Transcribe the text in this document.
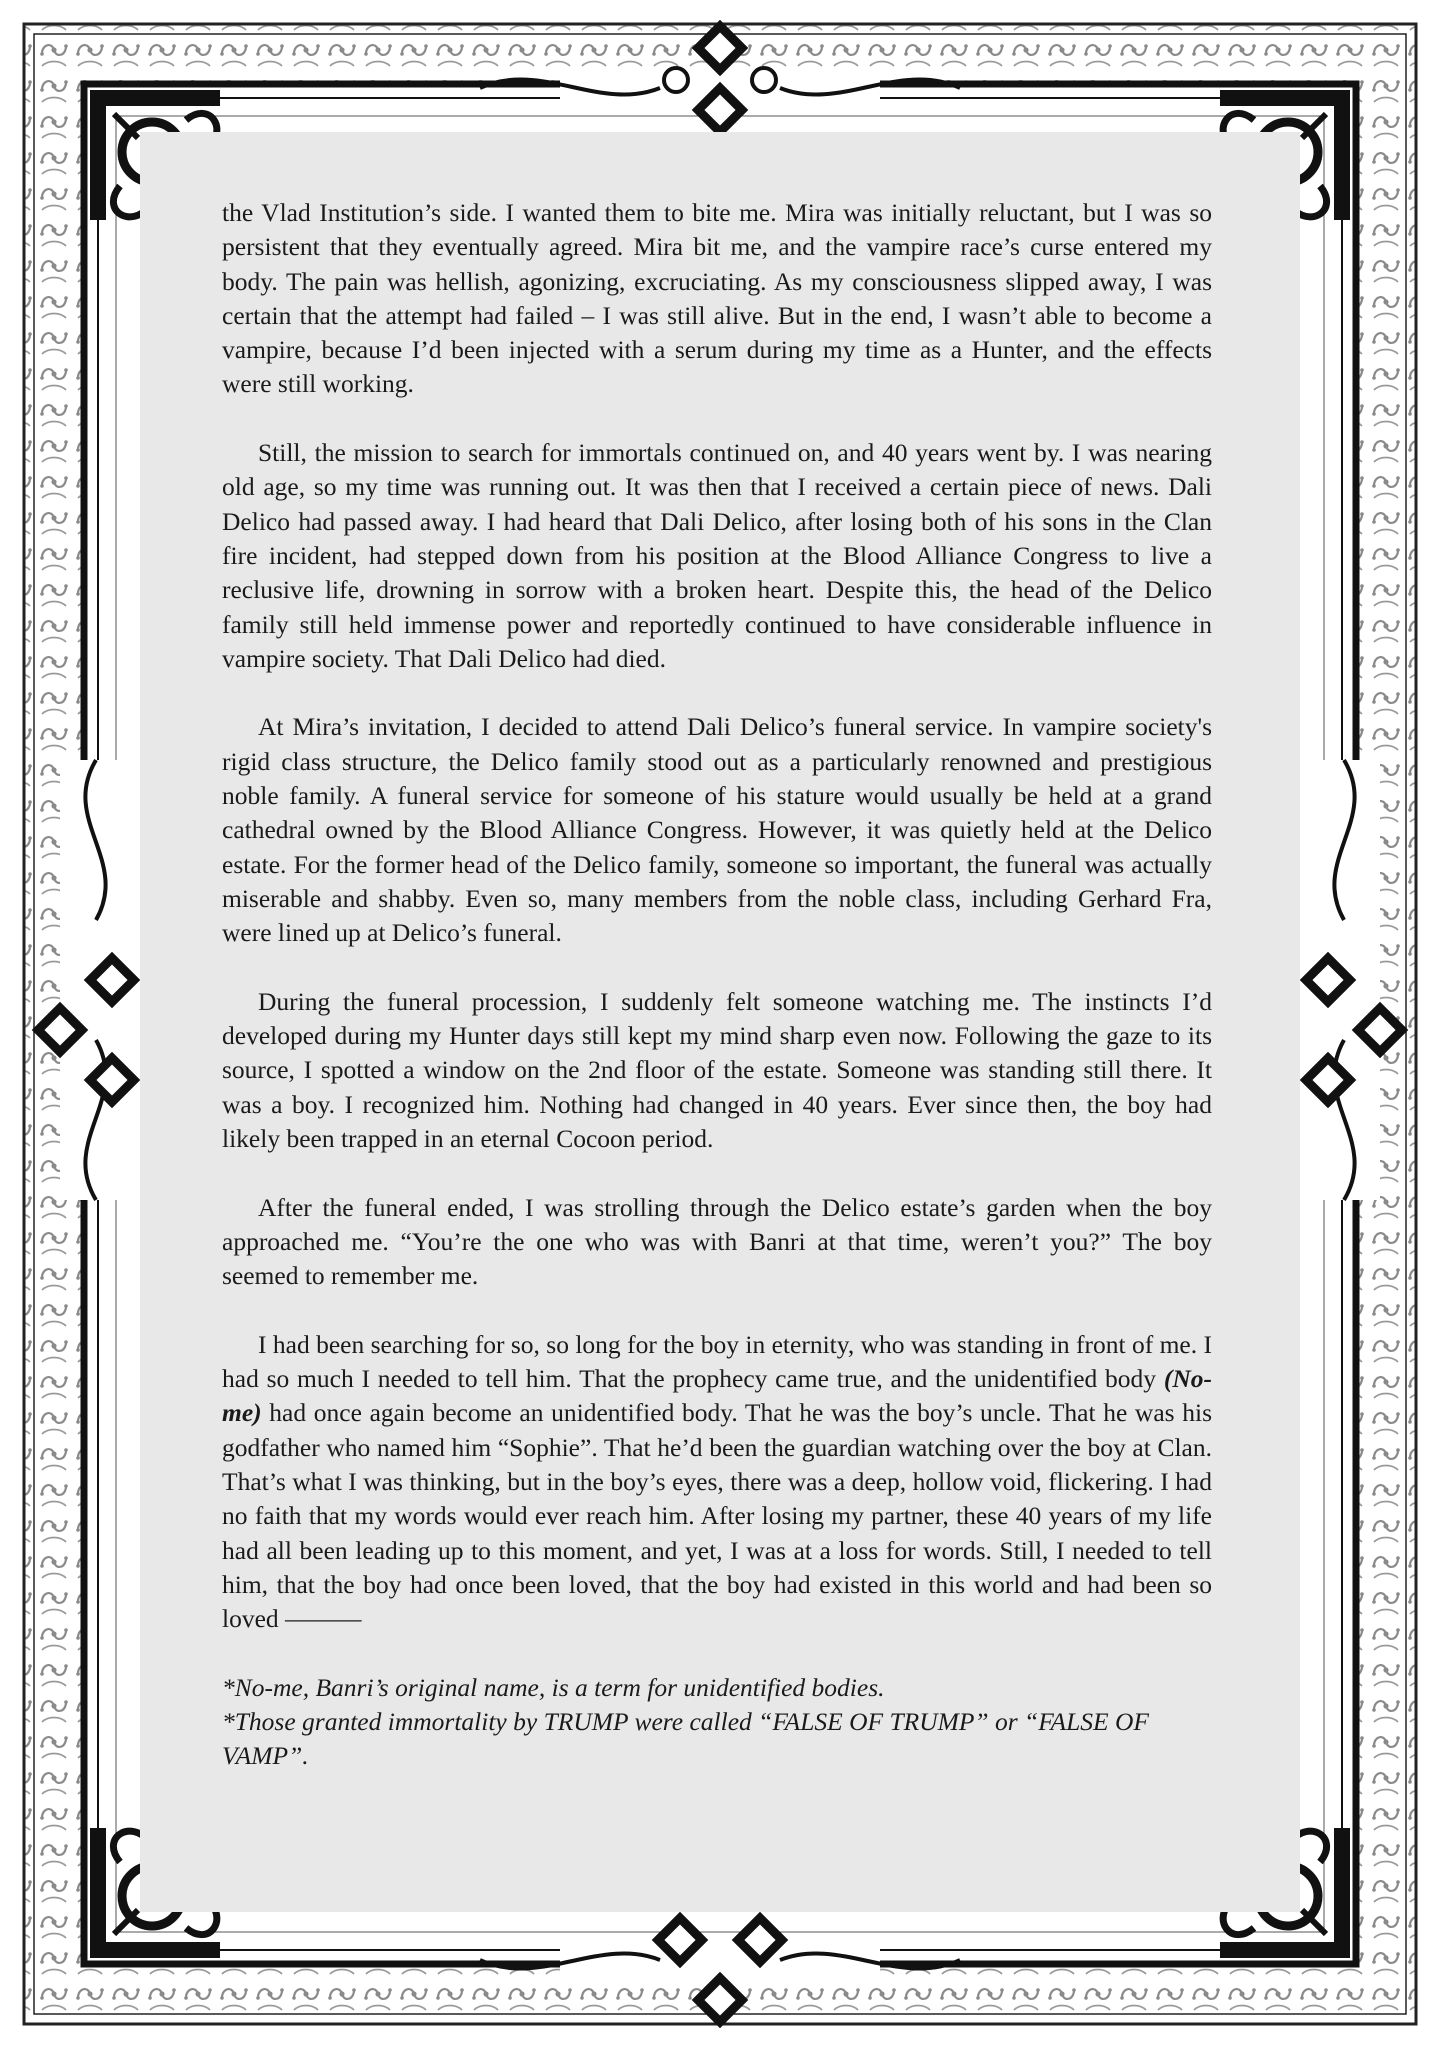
the Vlad Institution’s side. I wanted them to bite me. Mira was initially reluctant, but I was so persistent that they eventually agreed. Mira bit me, and the vampire race’s curse entered my body. The pain was hellish, agonizing, excruciating. As my consciousness slipped away, I was certain that the attempt had failed – I was still alive. But in the end, I wasn’t able to become a vampire, because I’d been injected with a serum during my time as a Hunter, and the effects were still working.

Still, the mission to search for immortals continued on, and 40 years went by. I was nearing old age, so my time was running out. It was then that I received a certain piece of news. Dali Delico had passed away. I had heard that Dali Delico, after losing both of his sons in the Clan fire incident, had stepped down from his position at the Blood Alliance Congress to live a reclusive life, drowning in sorrow with a broken heart. Despite this, the head of the Delico family still held immense power and reportedly continued to have considerable influence in vampire society. That Dali Delico had died.

At Mira’s invitation, I decided to attend Dali Delico’s funeral service. In vampire society's rigid class structure, the Delico family stood out as a particularly renowned and prestigious noble family. A funeral service for someone of his stature would usually be held at a grand cathedral owned by the Blood Alliance Congress. However, it was quietly held at the Delico estate. For the former head of the Delico family, someone so important, the funeral was actually miserable and shabby. Even so, many members from the noble class, including Gerhard Fra, were lined up at Delico’s funeral.

During the funeral procession, I suddenly felt someone watching me. The instincts I’d developed during my Hunter days still kept my mind sharp even now. Following the gaze to its source, I spotted a window on the 2nd floor of the estate. Someone was standing still there. It was a boy. I recognized him. Nothing had changed in 40 years. Ever since then, the boy had likely been trapped in an eternal Cocoon period.

After the funeral ended, I was strolling through the Delico estate’s garden when the boy approached me. “You’re the one who was with Banri at that time, weren’t you?” The boy seemed to remember me.

I had been searching for so, so long for the boy in eternity, who was standing in front of me. I had so much I needed to tell him. That the prophecy came true, and the unidentified body (No-me) had once again become an unidentified body. That he was the boy’s uncle. That he was his godfather who named him “Sophie”. That he’d been the guardian watching over the boy at Clan. That’s what I was thinking, but in the boy’s eyes, there was a deep, hollow void, flickering. I had no faith that my words would ever reach him. After losing my partner, these 40 years of my life had all been leading up to this moment, and yet, I was at a loss for words. Still, I needed to tell him, that the boy had once been loved, that the boy had existed in this world and had been so loved ———

*No-me, Banri’s original name, is a term for unidentified bodies.
*Those granted immortality by TRUMP were called “FALSE OF TRUMP” or “FALSE OF VAMP”.
